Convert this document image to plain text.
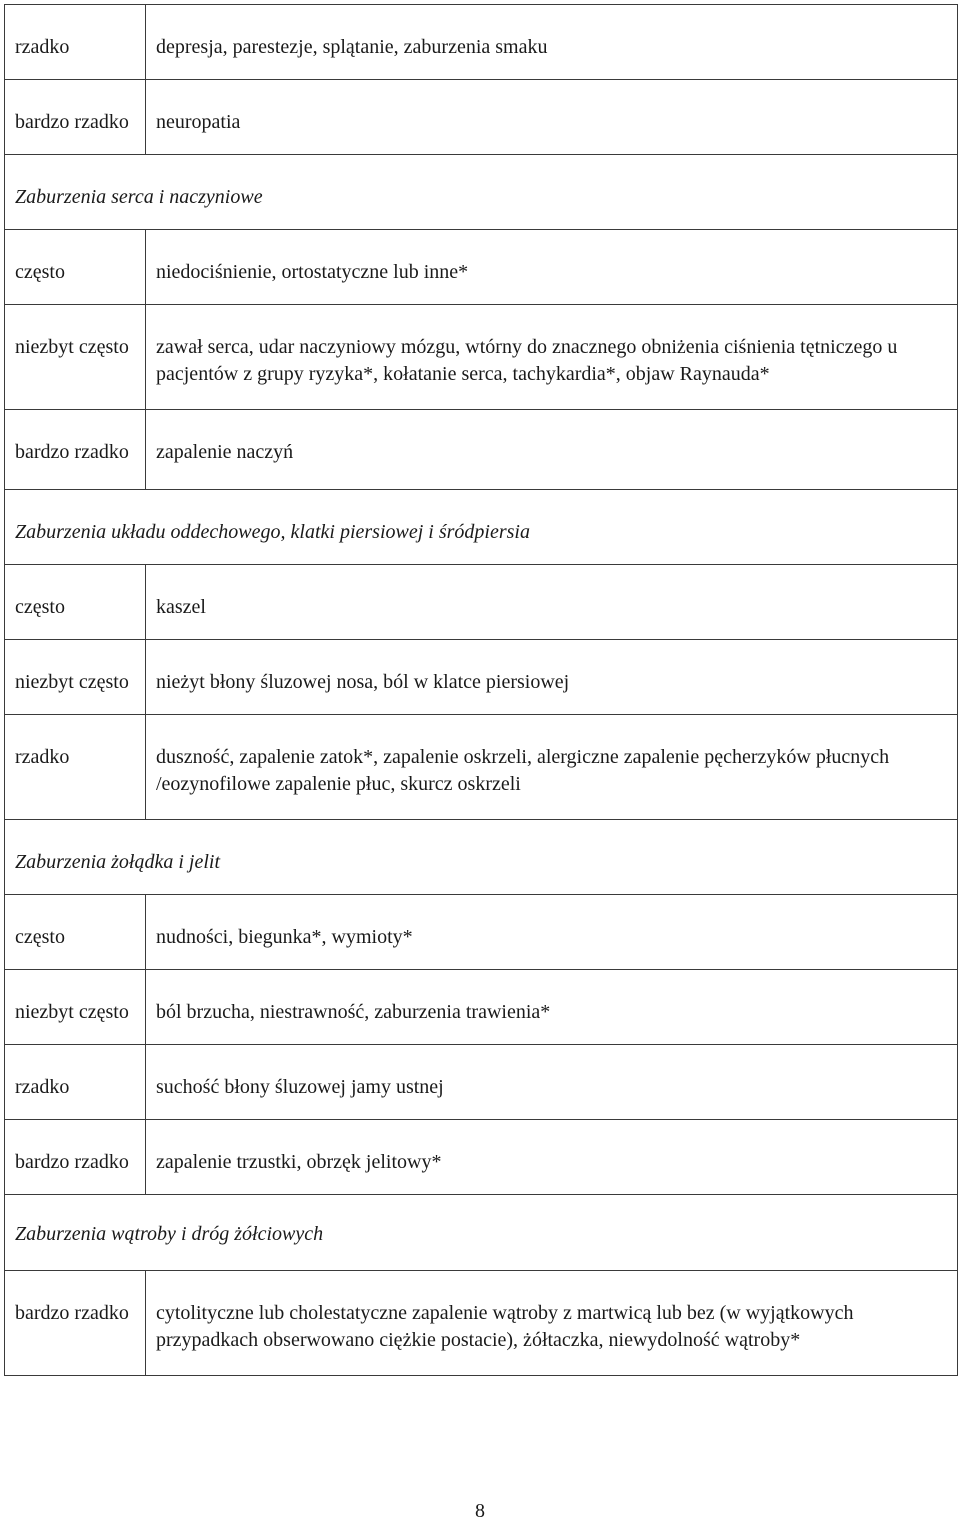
rzadko	depresja, parestezje, splątanie, zaburzenia smaku
bardzo rzadko	neuropatia
Zaburzenia serca i naczyniowe	
często	niedociśnienie, ortostatyczne lub inne*
niezbyt często	zawał serca, udar naczyniowy mózgu, wtórny do znacznego obniżenia ciśnienia tętniczego u pacjentów z grupy ryzyka*, kołatanie serca, tachykardia*, objaw Raynauda*
bardzo rzadko	zapalenie naczyń
Zaburzenia układu oddechowego, klatki piersiowej i śródpiersia	
często	kaszel
niezbyt często	nieżyt błony śluzowej nosa, ból w klatce piersiowej
rzadko	duszność, zapalenie zatok*, zapalenie oskrzeli, alergiczne zapalenie pęcherzyków płucnych /eozynofilowe zapalenie płuc, skurcz oskrzeli
Zaburzenia żołądka i jelit	
często	nudności, biegunka*, wymioty*
niezbyt często	ból brzucha, niestrawność, zaburzenia trawienia*
rzadko	suchość błony śluzowej jamy ustnej
bardzo rzadko	zapalenie trzustki, obrzęk jelitowy*
Zaburzenia wątroby i dróg żółciowych	
bardzo rzadko	cytolityczne lub cholestatyczne zapalenie wątroby z martwicą lub bez (w wyjątkowych przypadkach obserwowano ciężkie postacie), żółtaczka, niewydolność wątroby*
8
